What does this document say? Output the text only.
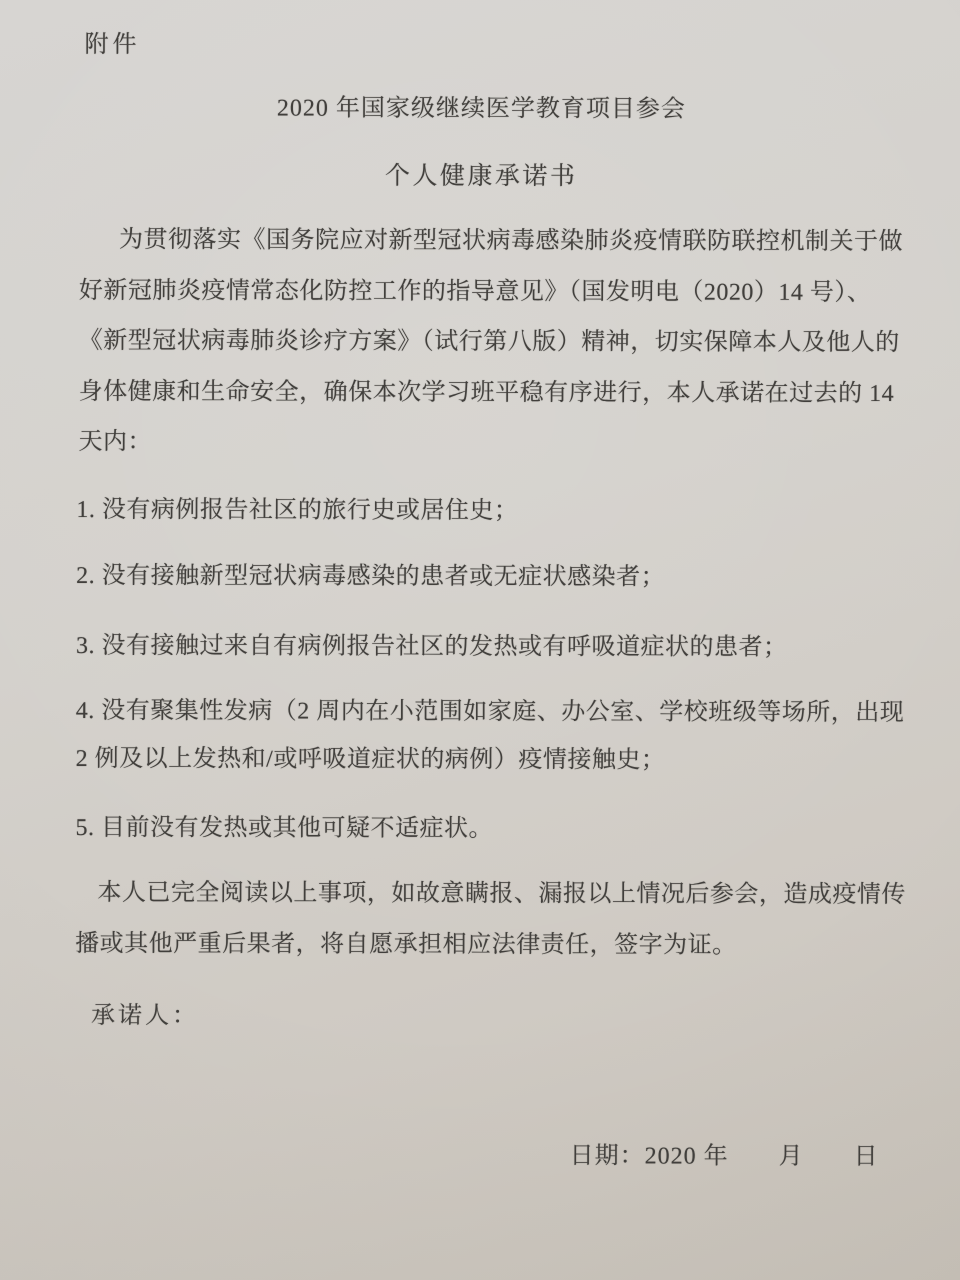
附件
2020 年国家级继续医学教育项目参会
个人健康承诺书
为贯彻落实《国务院应对新型冠状病毒感染肺炎疫情联防联控机制关于做
好新冠肺炎疫情常态化防控工作的指导意见》（国发明电（2020）14 号）、
《新型冠状病毒肺炎诊疗方案》（试行第八版）精神，切实保障本人及他人的
身体健康和生命安全，确保本次学习班平稳有序进行，本人承诺在过去的 14
天内：
1. 没有病例报告社区的旅行史或居住史；
2. 没有接触新型冠状病毒感染的患者或无症状感染者；
3. 没有接触过来自有病例报告社区的发热或有呼吸道症状的患者；
4. 没有聚集性发病（2 周内在小范围如家庭、办公室、学校班级等场所，出现
2 例及以上发热和/或呼吸道症状的病例）疫情接触史；
5. 目前没有发热或其他可疑不适症状。
本人已完全阅读以上事项，如故意瞒报、漏报以上情况后参会，造成疫情传
播或其他严重后果者，将自愿承担相应法律责任，签字为证。
承诺人：
日期：2020 年　　月　　日
